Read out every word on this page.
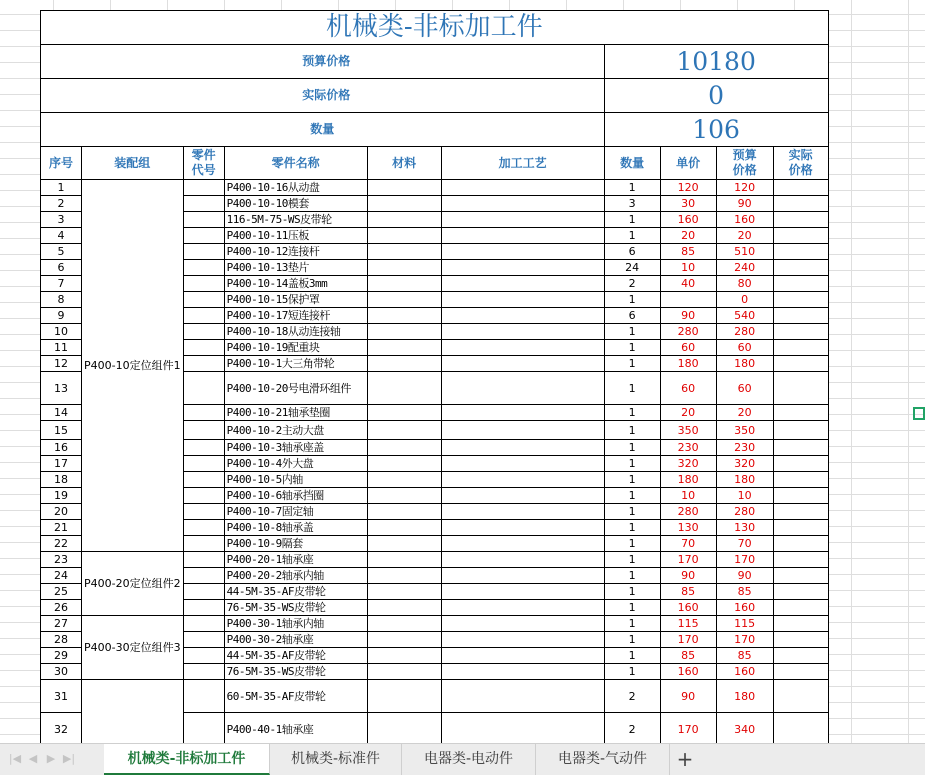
机械类-非标加工件									

预算价格						10180			

实际价格						0			
数量						106			
序号	装配组	零件代号	零件名称	材料	加工工艺	数量	单价	预算价格	实际价格

1	P400-10定位组件1		P400-10-16从动盘			1	120	120	
2			P400-10-10模套			3	30	90	
3			116-5M-75-WS皮带轮			1	160	160	
4			P400-10-11压板			1	20	20	
5			P400-10-12连接杆			6	85	510	
6			P400-10-13垫片			24	10	240	
7			P400-10-14盖板3mm			2	40	80	
8			P400-10-15保护罩			1		0	
9			P400-10-17短连接杆			6	90	540	
10			P400-10-18从动连接轴			1	280	280	
11			P400-10-19配重块			1	60	60	
12			P400-10-1大三角带轮			1	180	180	
13			P400-10-20号电滑环组件			1	60	60	
14			P400-10-21轴承垫圈			1	20	20	
15			P400-10-2主动大盘			1	350	350	
16			P400-10-3轴承座盖			1	230	230	
17			P400-10-4外大盘			1	320	320	
18			P400-10-5内轴			1	180	180	
19			P400-10-6轴承挡圈			1	10	10	
20			P400-10-7固定轴			1	280	280	
21			P400-10-8轴承盖			1	130	130	
22			P400-10-9隔套			1	70	70	
23	P400-20定位组件2		P400-20-1轴承座			1	170	170	
24			P400-20-2轴承内轴			1	90	90	
25			44-5M-35-AF皮带轮			1	85	85	
26			76-5M-35-WS皮带轮			1	160	160	
27	P400-30定位组件3		P400-30-1轴承内轴			1	115	115	
28			P400-30-2轴承座			1	170	170	
29			44-5M-35-AF皮带轮			1	85	85	
30			76-5M-35-WS皮带轮			1	160	160	
31			60-5M-35-AF皮带轮			2	90	180	
32			P400-40-1轴承座			2	170	340	
|◀ ◀ ▶ ▶|	机械类-非标加工件	机械类-标准件	电器类-电动件	电器类-气动件	+
